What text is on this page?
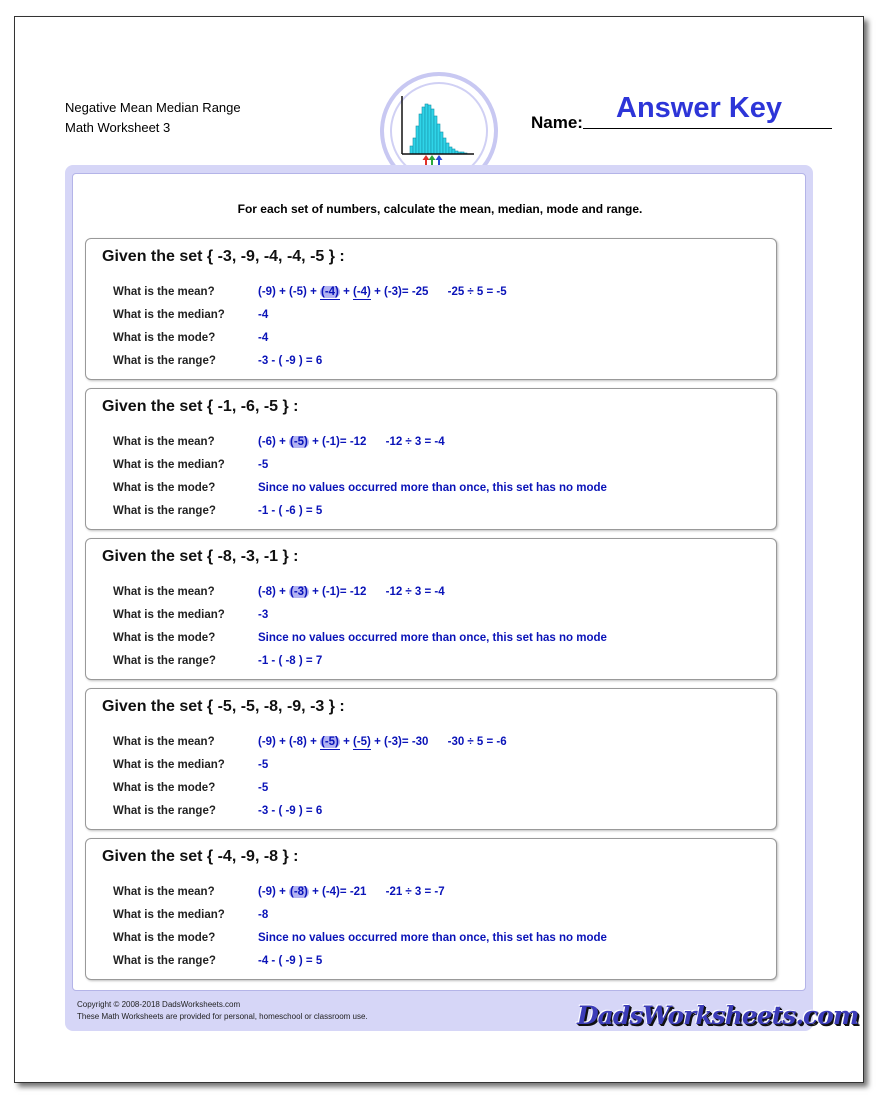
Negative Mean Median Range
Math Worksheet 3	Name: Answer Key
For each set of numbers, calculate the mean, median, mode and range.
Given the set { -3, -9, -4, -4, -5 } :
What is the mean?	(-9) + (-5) + (-4) + (-4) + (-3)= -25 -25 ÷ 5 = -5
What is the median?	-4
What is the mode?	-4
What is the range?	-3 - ( -9 ) = 6
Given the set { -1, -6, -5 } :
What is the mean?	(-6) + (-5) + (-1)= -12 -12 ÷ 3 = -4
What is the median?	-5
What is the mode?	Since no values occurred more than once, this set has no mode
What is the range?	-1 - ( -6 ) = 5
Given the set { -8, -3, -1 } :
What is the mean?	(-8) + (-3) + (-1)= -12 -12 ÷ 3 = -4
What is the median?	-3
What is the mode?	Since no values occurred more than once, this set has no mode
What is the range?	-1 - ( -8 ) = 7
Given the set { -5, -5, -8, -9, -3 } :
What is the mean?	(-9) + (-8) + (-5) + (-5) + (-3)= -30 -30 ÷ 5 = -6
What is the median?	-5
What is the mode?	-5
What is the range?	-3 - ( -9 ) = 6
Given the set { -4, -9, -8 } :
What is the mean?	(-9) + (-8) + (-4)= -21 -21 ÷ 3 = -7
What is the median?	-8
What is the mode?	Since no values occurred more than once, this set has no mode
What is the range?	-4 - ( -9 ) = 5
Copyright © 2008-2018 DadsWorksheets.com
These Math Worksheets are provided for personal, homeschool or classroom use.	DadsWorksheets.com
